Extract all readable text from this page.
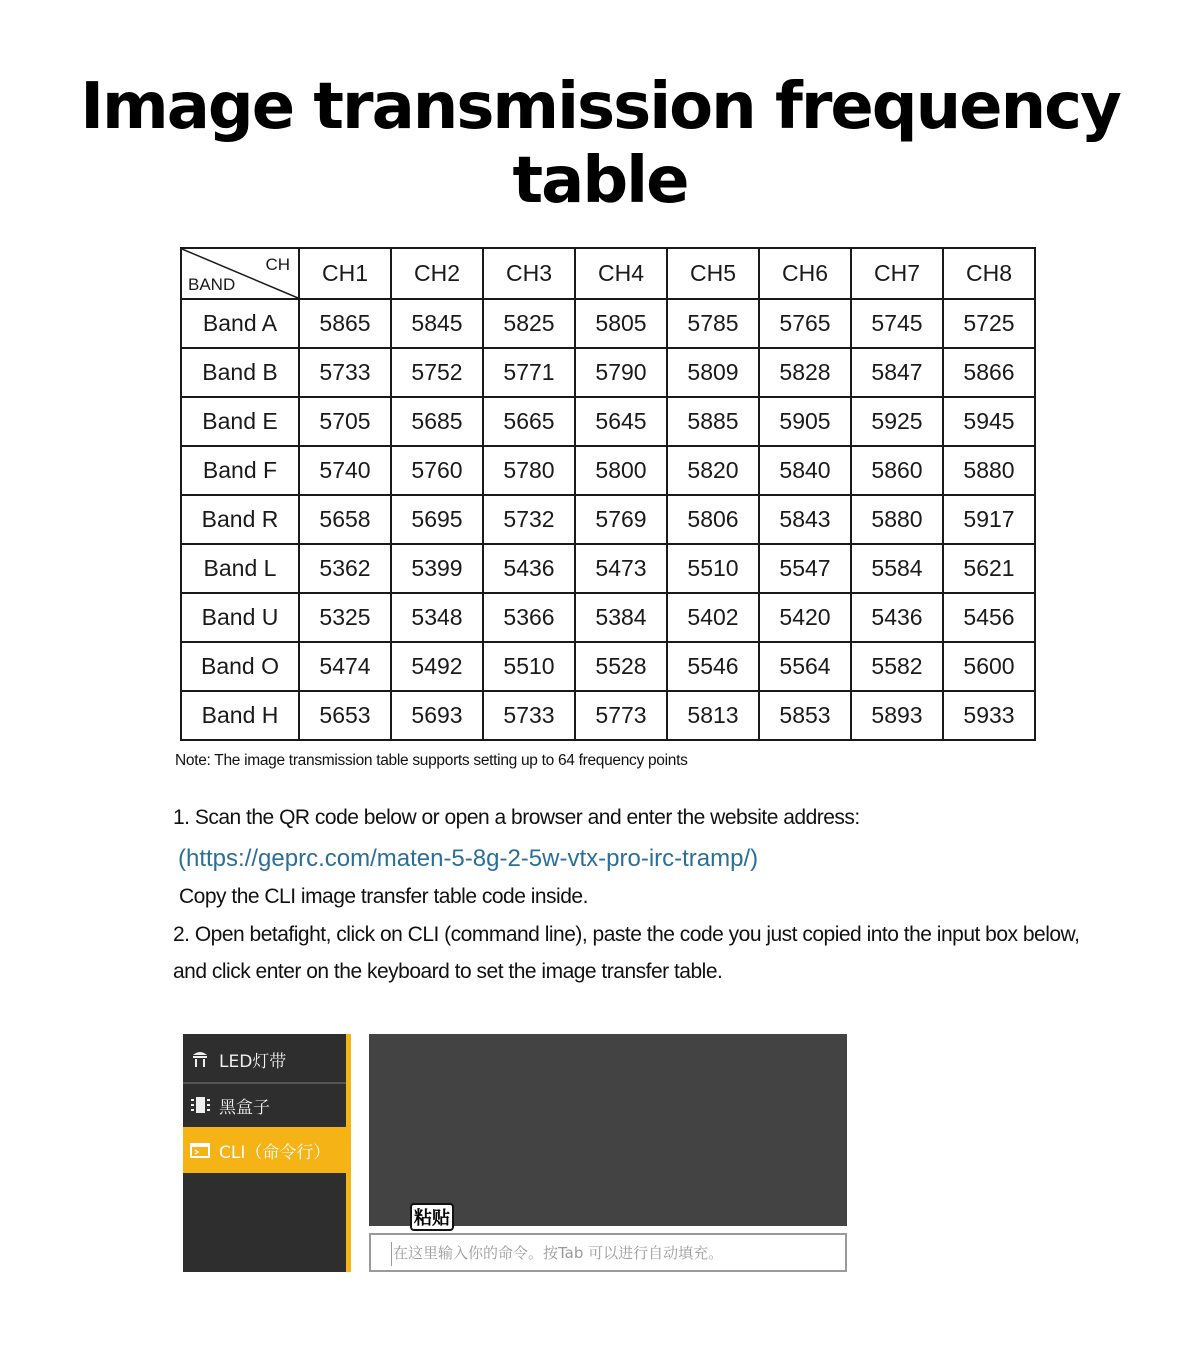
Image transmission frequency table
CH
BAND	CH1	CH2	CH3	CH4	CH5	CH6	CH7	CH8
Band A	5865	5845	5825	5805	5785	5765	5745	5725
Band B	5733	5752	5771	5790	5809	5828	5847	5866
Band E	5705	5685	5665	5645	5885	5905	5925	5945
Band F	5740	5760	5780	5800	5820	5840	5860	5880
Band R	5658	5695	5732	5769	5806	5843	5880	5917
Band L	5362	5399	5436	5473	5510	5547	5584	5621
Band U	5325	5348	5366	5384	5402	5420	5436	5456
Band O	5474	5492	5510	5528	5546	5564	5582	5600
Band H	5653	5693	5733	5773	5813	5853	5893	5933
Note: The image transmission table supports setting up to 64 frequency points
1. Scan the QR code below or open a browser and enter the website address:
(https://geprc.com/maten-5-8g-2-5w-vtx-pro-irc-tramp/)
Copy the CLI image transfer table code inside.
2. Open betafight, click on CLI (command line), paste the code you just copied into the input box below,
and click enter on the keyboard to set the image transfer table.
LED灯带
黑盒子
CLI（命令行）
在这里输入你的命令。按Tab 可以进行自动填充。
粘贴
